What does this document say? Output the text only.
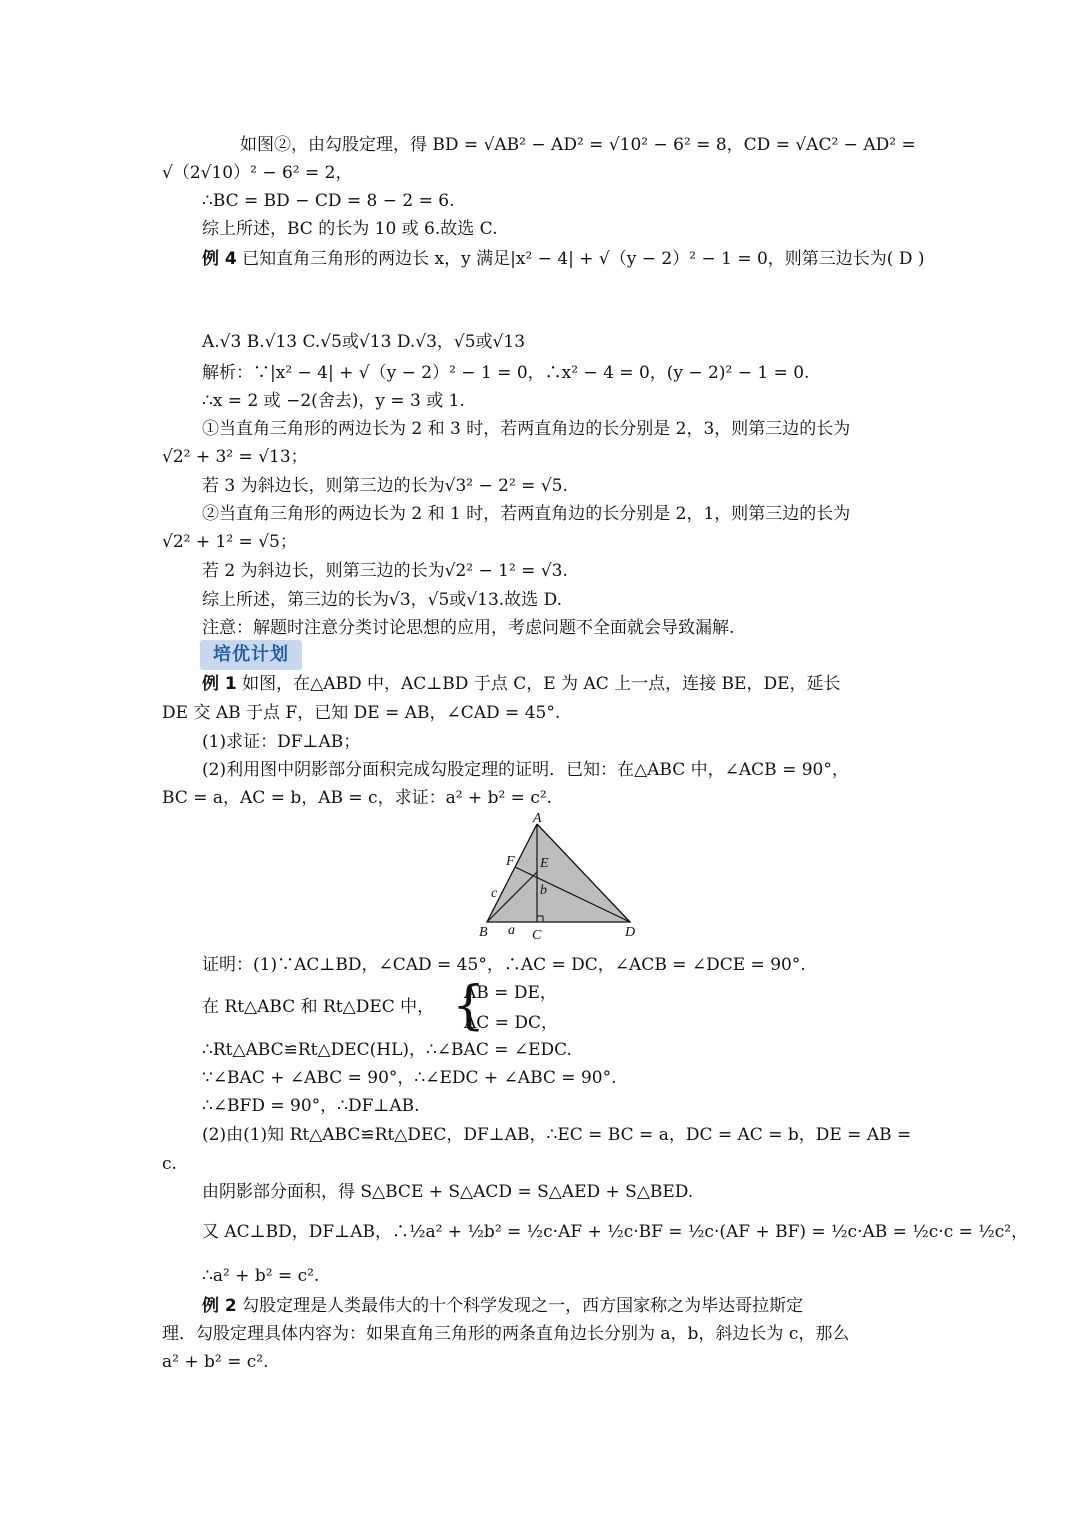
如图②，由勾股定理，得 BD = √AB² − AD² = √10² − 6² = 8，CD = √AC² − AD² =
√（2√10）² − 6² = 2，
∴BC = BD − CD = 8 − 2 = 6.
综上所述，BC 的长为 10 或 6.故选 C.
例 4 已知直角三角形的两边长 x，y 满足|x² − 4| + √（y − 2）² − 1 = 0，则第三边长为( D )
A.√3 B.√13 C.√5或√13 D.√3，√5或√13
解析：∵|x² − 4| + √（y − 2）² − 1 = 0，∴x² − 4 = 0，(y − 2)² − 1 = 0.
∴x = 2 或 −2(舍去)，y = 3 或 1.
①当直角三角形的两边长为 2 和 3 时，若两直角边的长分别是 2，3，则第三边的长为
√2² + 3² = √13；
若 3 为斜边长，则第三边的长为√3² − 2² = √5.
②当直角三角形的两边长为 2 和 1 时，若两直角边的长分别是 2，1，则第三边的长为
√2² + 1² = √5；
若 2 为斜边长，则第三边的长为√2² − 1² = √3.
综上所述，第三边的长为√3，√5或√13.故选 D.
注意：解题时注意分类讨论思想的应用，考虑问题不全面就会导致漏解.
培优计划
例 1 如图，在△ABD 中，AC⊥BD 于点 C，E 为 AC 上一点，连接 BE，DE，延长
DE 交 AB 于点 F，已知 DE = AB，∠CAD = 45°.
(1)求证：DF⊥AB；
(2)利用图中阴影部分面积完成勾股定理的证明．已知：在△ABC 中，∠ACB = 90°，
BC = a，AC = b，AB = c，求证：a² + b² = c².
A
B	C	D
E
F
a
b
c
证明：(1)∵AC⊥BD，∠CAD = 45°，∴AC = DC，∠ACB = ∠DCE = 90°.
在 Rt△ABC 和 Rt△DEC 中， {
AB = DE，
AC = DC，
∴Rt△ABC≌Rt△DEC(HL)，∴∠BAC = ∠EDC.
∵∠BAC + ∠ABC = 90°，∴∠EDC + ∠ABC = 90°.
∴∠BFD = 90°，∴DF⊥AB.
(2)由(1)知 Rt△ABC≌Rt△DEC，DF⊥AB，∴EC = BC = a，DC = AC = b，DE = AB =
c.
由阴影部分面积，得 S△BCE + S△ACD = S△AED + S△BED.
又 AC⊥BD，DF⊥AB，∴½a² + ½b² = ½c·AF + ½c·BF = ½c·(AF + BF) = ½c·AB = ½c·c = ½c²，
∴a² + b² = c².
例 2 勾股定理是人类最伟大的十个科学发现之一，西方国家称之为毕达哥拉斯定
理．勾股定理具体内容为：如果直角三角形的两条直角边长分别为 a，b，斜边长为 c，那么
a² + b² = c².
